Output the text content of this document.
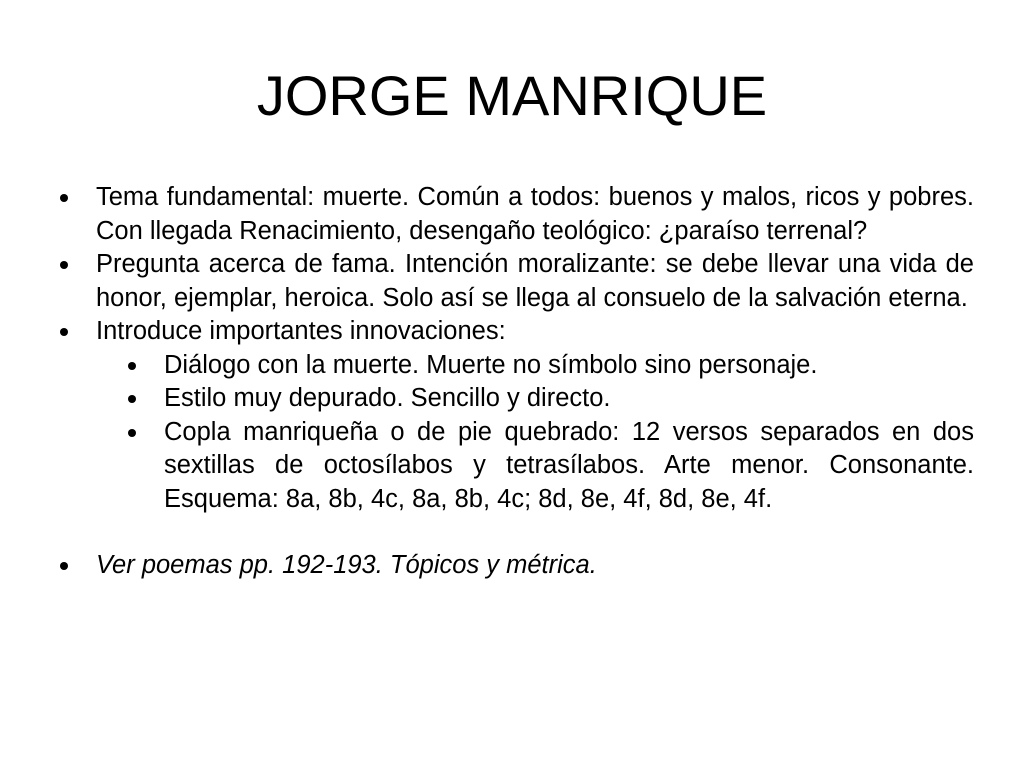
JORGE MANRIQUE
Tema fundamental: muerte. Común a todos: buenos y malos, ricos y pobres. Con llegada Renacimiento, desengaño teológico: ¿paraíso terrenal?
Pregunta acerca de fama. Intención moralizante: se debe llevar una vida de honor, ejemplar, heroica. Solo así se llega al consuelo de la salvación eterna.
Introduce importantes innovaciones:
Diálogo con la muerte. Muerte no símbolo sino personaje.
Estilo muy depurado. Sencillo y directo.
Copla manriqueña o de pie quebrado: 12 versos separados en dos sextillas de octosílabos y tetrasílabos. Arte menor. Consonante. Esquema: 8a, 8b, 4c, 8a, 8b, 4c; 8d, 8e, 4f, 8d, 8e, 4f.
Ver poemas pp. 192-193. Tópicos y métrica.
